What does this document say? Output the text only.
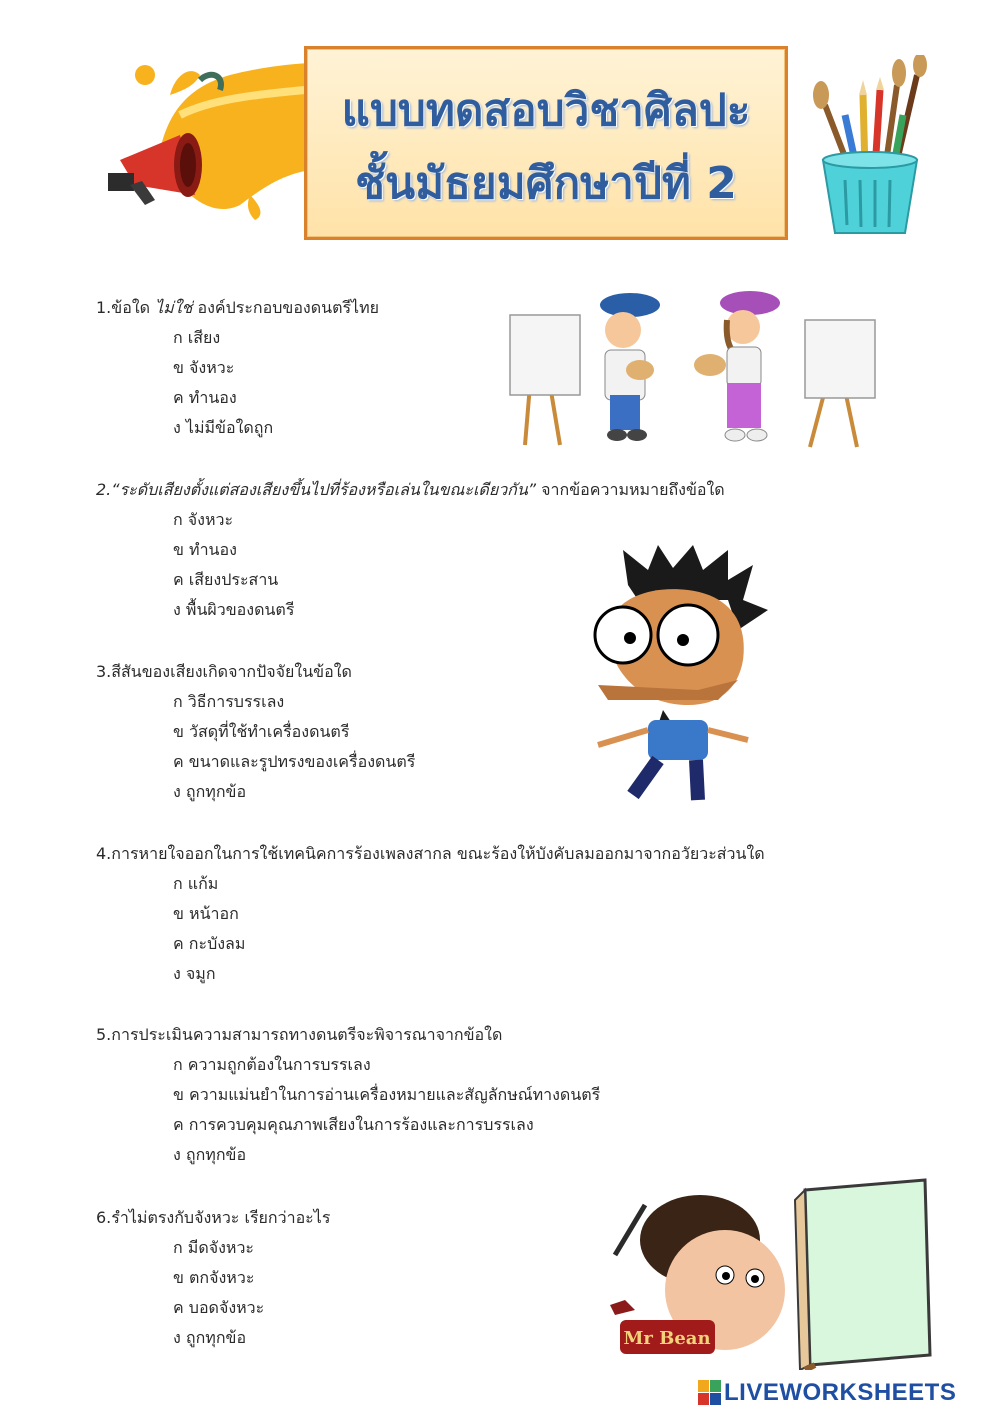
แบบทดสอบวิชาศิลปะ
ชั้นมัธยมศึกษาปีที่ 2
Mr Bean
1.ข้อใด ไม่ใช่ องค์ประกอบของดนตรีไทย
ก เสียง
ข จังหวะ
ค ทำนอง
ง ไม่มีข้อใดถูก
2.“ระดับเสียงตั้งแต่สองเสียงขึ้นไปที่ร้องหรือเล่นในขณะเดียวกัน” จากข้อความหมายถึงข้อใด
ก จังหวะ
ข ทำนอง
ค เสียงประสาน
ง พื้นผิวของดนตรี
3.สีสันของเสียงเกิดจากปัจจัยในข้อใด
ก วิธีการบรรเลง
ข วัสดุที่ใช้ทำเครื่องดนตรี
ค ขนาดและรูปทรงของเครื่องดนตรี
ง ถูกทุกข้อ
4.การหายใจออกในการใช้เทคนิคการร้องเพลงสากล ขณะร้องให้บังคับลมออกมาจากอวัยวะส่วนใด
ก แก้ม
ข หน้าอก
ค กะบังลม
ง จมูก
5.การประเมินความสามารถทางดนตรีจะพิจารณาจากข้อใด
ก ความถูกต้องในการบรรเลง
ข ความแม่นยำในการอ่านเครื่องหมายและสัญลักษณ์ทางดนตรี
ค การควบคุมคุณภาพเสียงในการร้องและการบรรเลง
ง ถูกทุกข้อ
6.รำไม่ตรงกับจังหวะ เรียกว่าอะไร
ก มีดจังหวะ
ข ตกจังหวะ
ค บอดจังหวะ
ง ถูกทุกข้อ
LIVEWORKSHEETS
